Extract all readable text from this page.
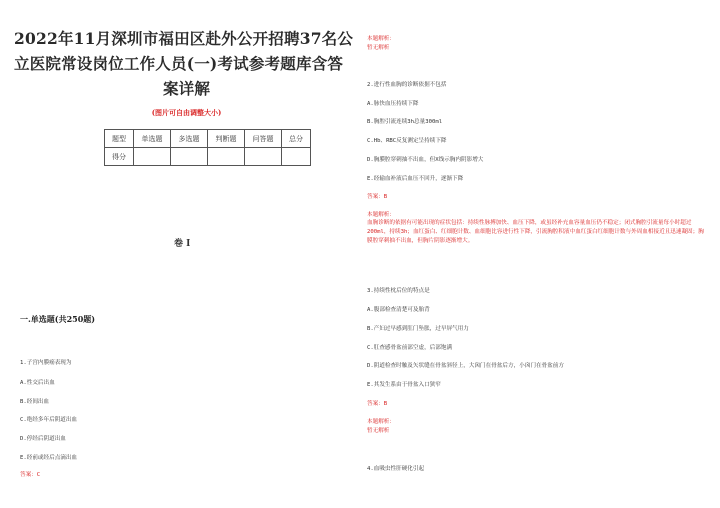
2022年11月深圳市福田区赴外公开招聘37名公
立医院常设岗位工作人员(一)考试参考题库含答
案详解
(图片可自由调整大小)
题型	单选题	多选题	判断题	问答题	总分
得分					
卷 I
一.单选题(共250题)
1.子宫内膜癌表现为
A.性交后出血
B.经间出血
C.绝经多年后阴道出血
D.停经后阴道出血
E.经前或经后点滴出血
答案：C
本题解析：
暂无解析
2.进行性血胸的诊断依据不包括
A.脉快血压持续下降
B.胸腔引流连续3h总量300ml
C.Hb、RBC反复测定呈持续下降
D.胸膜腔穿刺抽不出血，但X线示胸内阴影增大
E.经输血补液后血压不回升，逐渐下降
答案：B
本题解析：
血胸诊断的依据有可能出现的症状包括：持续性脉搏加快、血压下降，或虽经补充血容量血压仍不稳定；闭式胸腔引流量每小时超过200ml，持续3h；血红蛋白、红细胞计数、血细胞比容进行性下降，引流胸腔积液中血红蛋白红细胞计数与外周血相接近且迅速凝固；胸膜腔穿刺抽不出血，但胸片阴影逐渐增大。
3.持续性枕后位的特点是
A.腹部检查清楚可及胎背
B.产妇过早感到肛门坠胀，过早屏气用力
C.肛查感骨盆前部空虚，后部饱满
D.阴道检查时触及矢状缝在骨盆斜径上，大囟门在骨盆后方，小囟门在骨盆前方
E.其发生系由于骨盆入口狭窄
答案：B
本题解析：
暂无解析
4.血吸虫性肝硬化引起
